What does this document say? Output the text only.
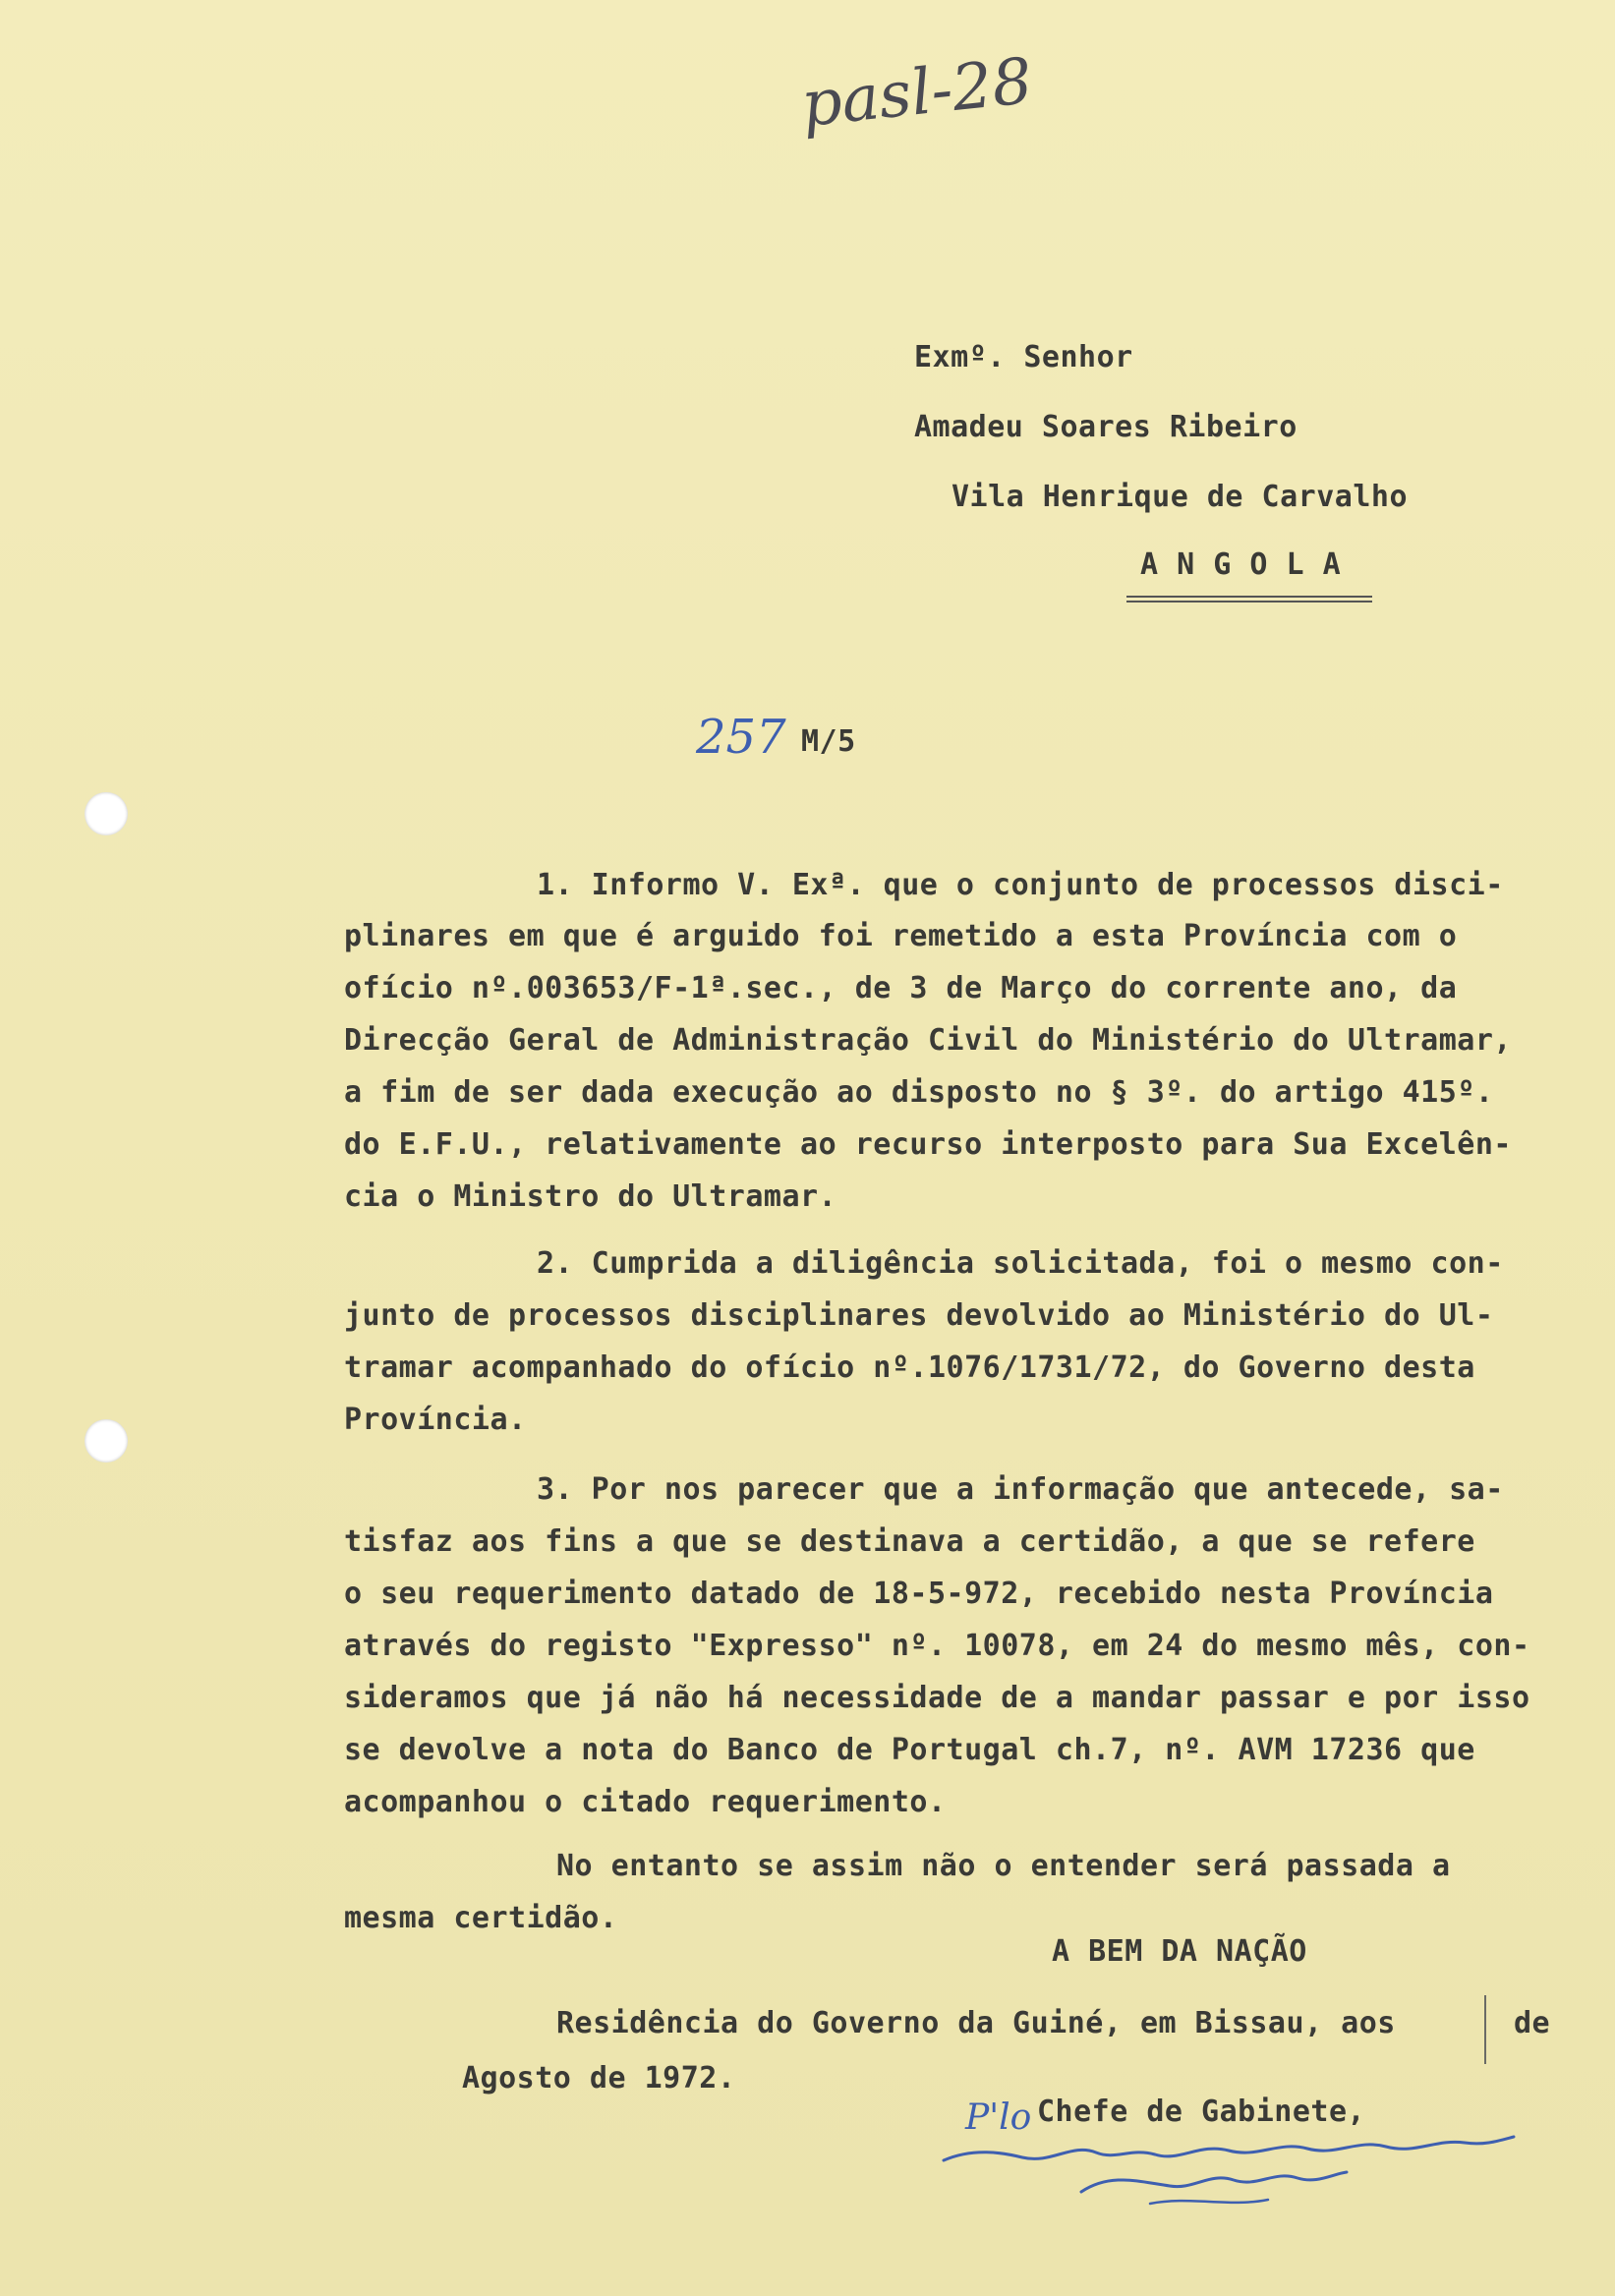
pasl-28
Exmº. Senhor
Amadeu Soares Ribeiro
Vila Henrique de Carvalho
A N G O L A
257 M/5
1. Informo V. Exª. que o conjunto de processos disci-
plinares em que é arguido foi remetido a esta Província com o
ofício nº.003653/F-1ª.sec., de 3 de Março do corrente ano, da
Direcção Geral de Administração Civil do Ministério do Ultramar,
a fim de ser dada execução ao disposto no § 3º. do artigo 415º.
do E.F.U., relativamente ao recurso interposto para Sua Excelên-
cia o Ministro do Ultramar.
2. Cumprida a diligência solicitada, foi o mesmo con-
junto de processos disciplinares devolvido ao Ministério do Ul-
tramar acompanhado do ofício nº.1076/1731/72, do Governo desta
Província.
3. Por nos parecer que a informação que antecede, sa-
tisfaz aos fins a que se destinava a certidão, a que se refere
o seu requerimento datado de 18-5-972, recebido nesta Província
através do registo "Expresso" nº. 10078, em 24 do mesmo mês, con-
sideramos que já não há necessidade de a mandar passar e por isso
se devolve a nota do Banco de Portugal ch.7, nº. AVM 17236 que
acompanhou o citado requerimento.
No entanto se assim não o entender será passada a
mesma certidão.
A BEM DA NAÇÃO
Residência do Governo da Guiné, em Bissau, aos	de
Agosto de 1972.
P'lo Chefe de Gabinete,
